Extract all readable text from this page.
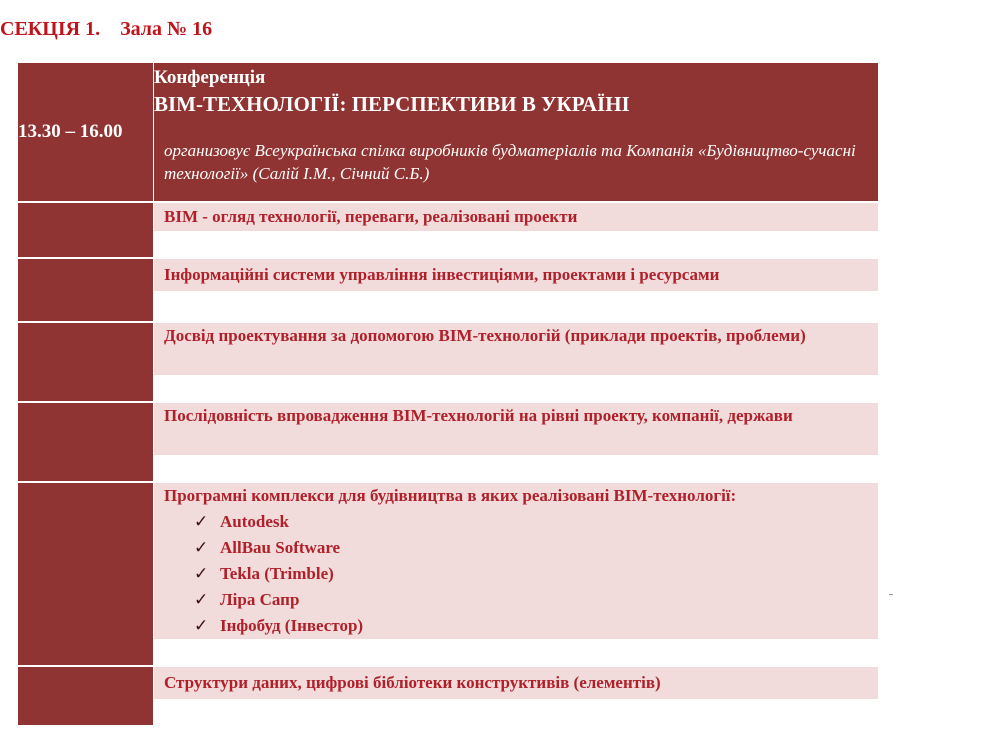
СЕКЦІЯ 1.    Зала № 16
13.30 – 16.00
Конференція
ВІМ-ТЕХНОЛОГІЇ: ПЕРСПЕКТИВИ В УКРАЇНІ
организовує Всеукраїнська спілка виробників будматеріалів та Компанія «Будівництво-сучасні технології» (Салій І.М., Січний С.Б.)
ВІМ - огляд технології, переваги, реалізовані проекти
Інформаційні системи управління інвестиціями, проектами і ресурсами
Досвід проектування за допомогою ВІМ-технологій (приклади проектів, проблеми)
Послідовність впровадження ВІМ-технологій на рівні проекту, компанії, держави
Програмні комплекси для будівництва в яких реалізовані ВІМ-технології:
✓ Autodesk
✓ AllBau Software
✓ Tekla (Trimble)
✓ Ліра Сапр
✓ Інфобуд (Інвестор)
Структури даних, цифрові бібліотеки конструктивів (елементів)
